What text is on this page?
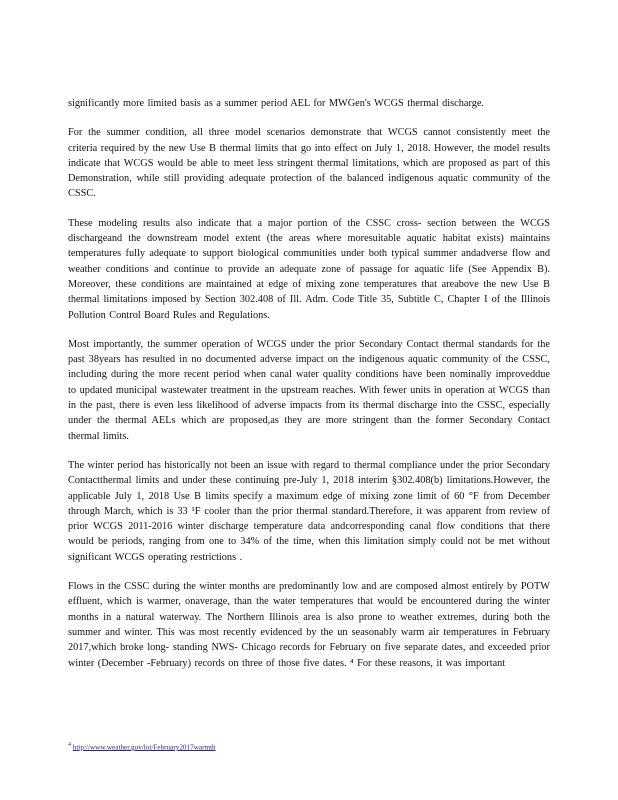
significantly more limited basis as a summer period AEL for MWGen's WCGS thermal discharge.

For the summer condition, all three model scenarios demonstrate that WCGS cannot consistently meet the criteria required by the new Use B thermal limits that go into effect on July 1, 2018. However, the model results indicate that WCGS would be able to meet less stringent thermal limitations, which are proposed as part of this Demonstration, while still providing adequate protection of the balanced indigenous aquatic community of the CSSC.

These modeling results also indicate that a major portion of the CSSC cross- section between the WCGS dischargeand the downstream model extent (the areas where moresuitable aquatic habitat exists) maintains temperatures fully adequate to support biological communities under both typical summer andadverse flow and weather conditions and continue to provide an adequate zone of passage for aquatic life (See Appendix B). Moreover, these conditions are maintained at edge of mixing zone temperatures that areabove the new Use B thermal limitations imposed by Section 302.408 of Ill. Adm. Code Title 35, Subtitle C, Chapter I of the Illinois Pollution Control Board Rules and Regulations.

Most importantly, the summer operation of WCGS under the prior Secondary Contact thermal standards for the past 38years has resulted in no documented adverse impact on the indigenous aquatic community of the CSSC, including during the more recent period when canal water quality conditions have been nominally improveddue to updated municipal wastewater treatment in the upstream reaches. With fewer units in operation at WCGS than in the past, there is even less likelihood of adverse impacts from its thermal discharge into the CSSC, especially under the thermal AELs which are proposed,as they are more stringent than the former Secondary Contact thermal limits.

The winter period has historically not been an issue with regard to thermal compliance under the prior Secondary Contactthermal limits and under these continuing pre-July 1, 2018 interim §302.408(b) limitations.However, the applicable July 1, 2018 Use B limits specify a maximum edge of mixing zone limit of 60 °F from December through March, which is 33 ¹F cooler than the prior thermal standard.Therefore, it was apparent from review of prior WCGS 2011-2016 winter discharge temperature data andcorresponding canal flow conditions that there would be periods, ranging from one to 34% of the time, when this limitation simply could not be met without significant WCGS operating restrictions .

Flows in the CSSC during the winter months are predominantly low and are composed almost entirely by POTW effluent, which is warmer, onaverage, than the water temperatures that would be encountered during the winter months in a natural waterway. The Northern Illinois area is also prone to weather extremes, during both the summer and winter. This was most recently evidenced by the un seasonably warm air temperatures in February 2017,which broke long- standing NWS- Chicago records for February on five separate dates, and exceeded prior winter (December -February) records on three of those five dates. ⁴ For these reasons, it was important

$^4$ http://www.weather.gov/lot/February2017warmth
